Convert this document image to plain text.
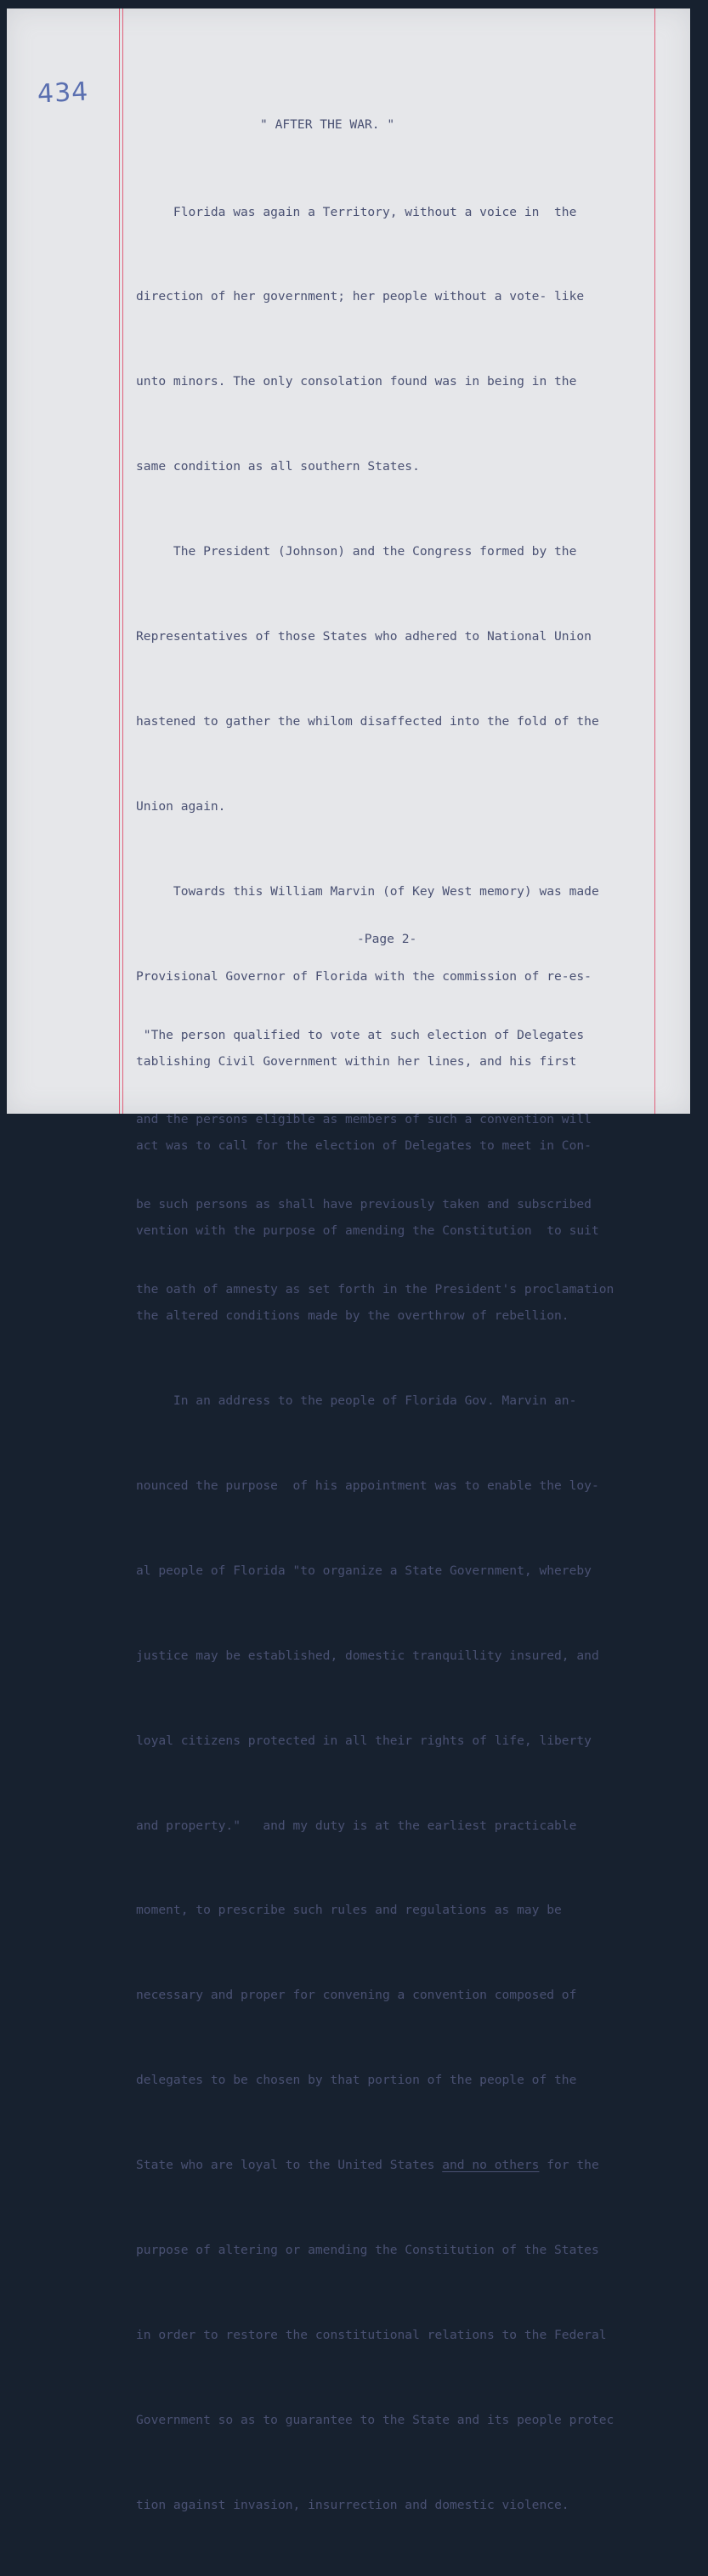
434
" AFTER THE WAR. "

Florida was again a Territory, without a voice in  the

direction of her government; her people without a vote- like

unto minors. The only consolation found was in being in the

same condition as all southern States.

The President (Johnson) and the Congress formed by the

Representatives of those States who adhered to National Union

hastened to gather the whilom disaffected into the fold of the

Union again.

Towards this William Marvin (of Key West memory) was made

Provisional Governor of Florida with the commission of re-es-

tablishing Civil Government within her lines, and his first

act was to call for the election of Delegates to meet in Con-

vention with the purpose of amending the Constitution  to suit

the altered conditions made by the overthrow of rebellion.

In an address to the people of Florida Gov. Marvin an-

nounced the purpose  of his appointment was to enable the loy-

al people of Florida "to organize a State Government, whereby

justice may be established, domestic tranquillity insured, and

loyal citizens protected in all their rights of life, liberty

and property."   and my duty is at the earliest practicable

moment, to prescribe such rules and regulations as may be

necessary and proper for convening a convention composed of

delegates to be chosen by that portion of the people of the

State who are loyal to the United States and no others for the

purpose of altering or amending the Constitution of the States

in order to restore the constitutional relations to the Federal

Government so as to guarantee to the State and its people protec

tion against invasion, insurrection and domestic violence.

-Page 2-

"The person qualified to vote at such election of Delegates

and the persons eligible as members of such a convention will

be such persons as shall have previously taken and subscribed

the oath of amnesty as set forth in the President's proclamation
